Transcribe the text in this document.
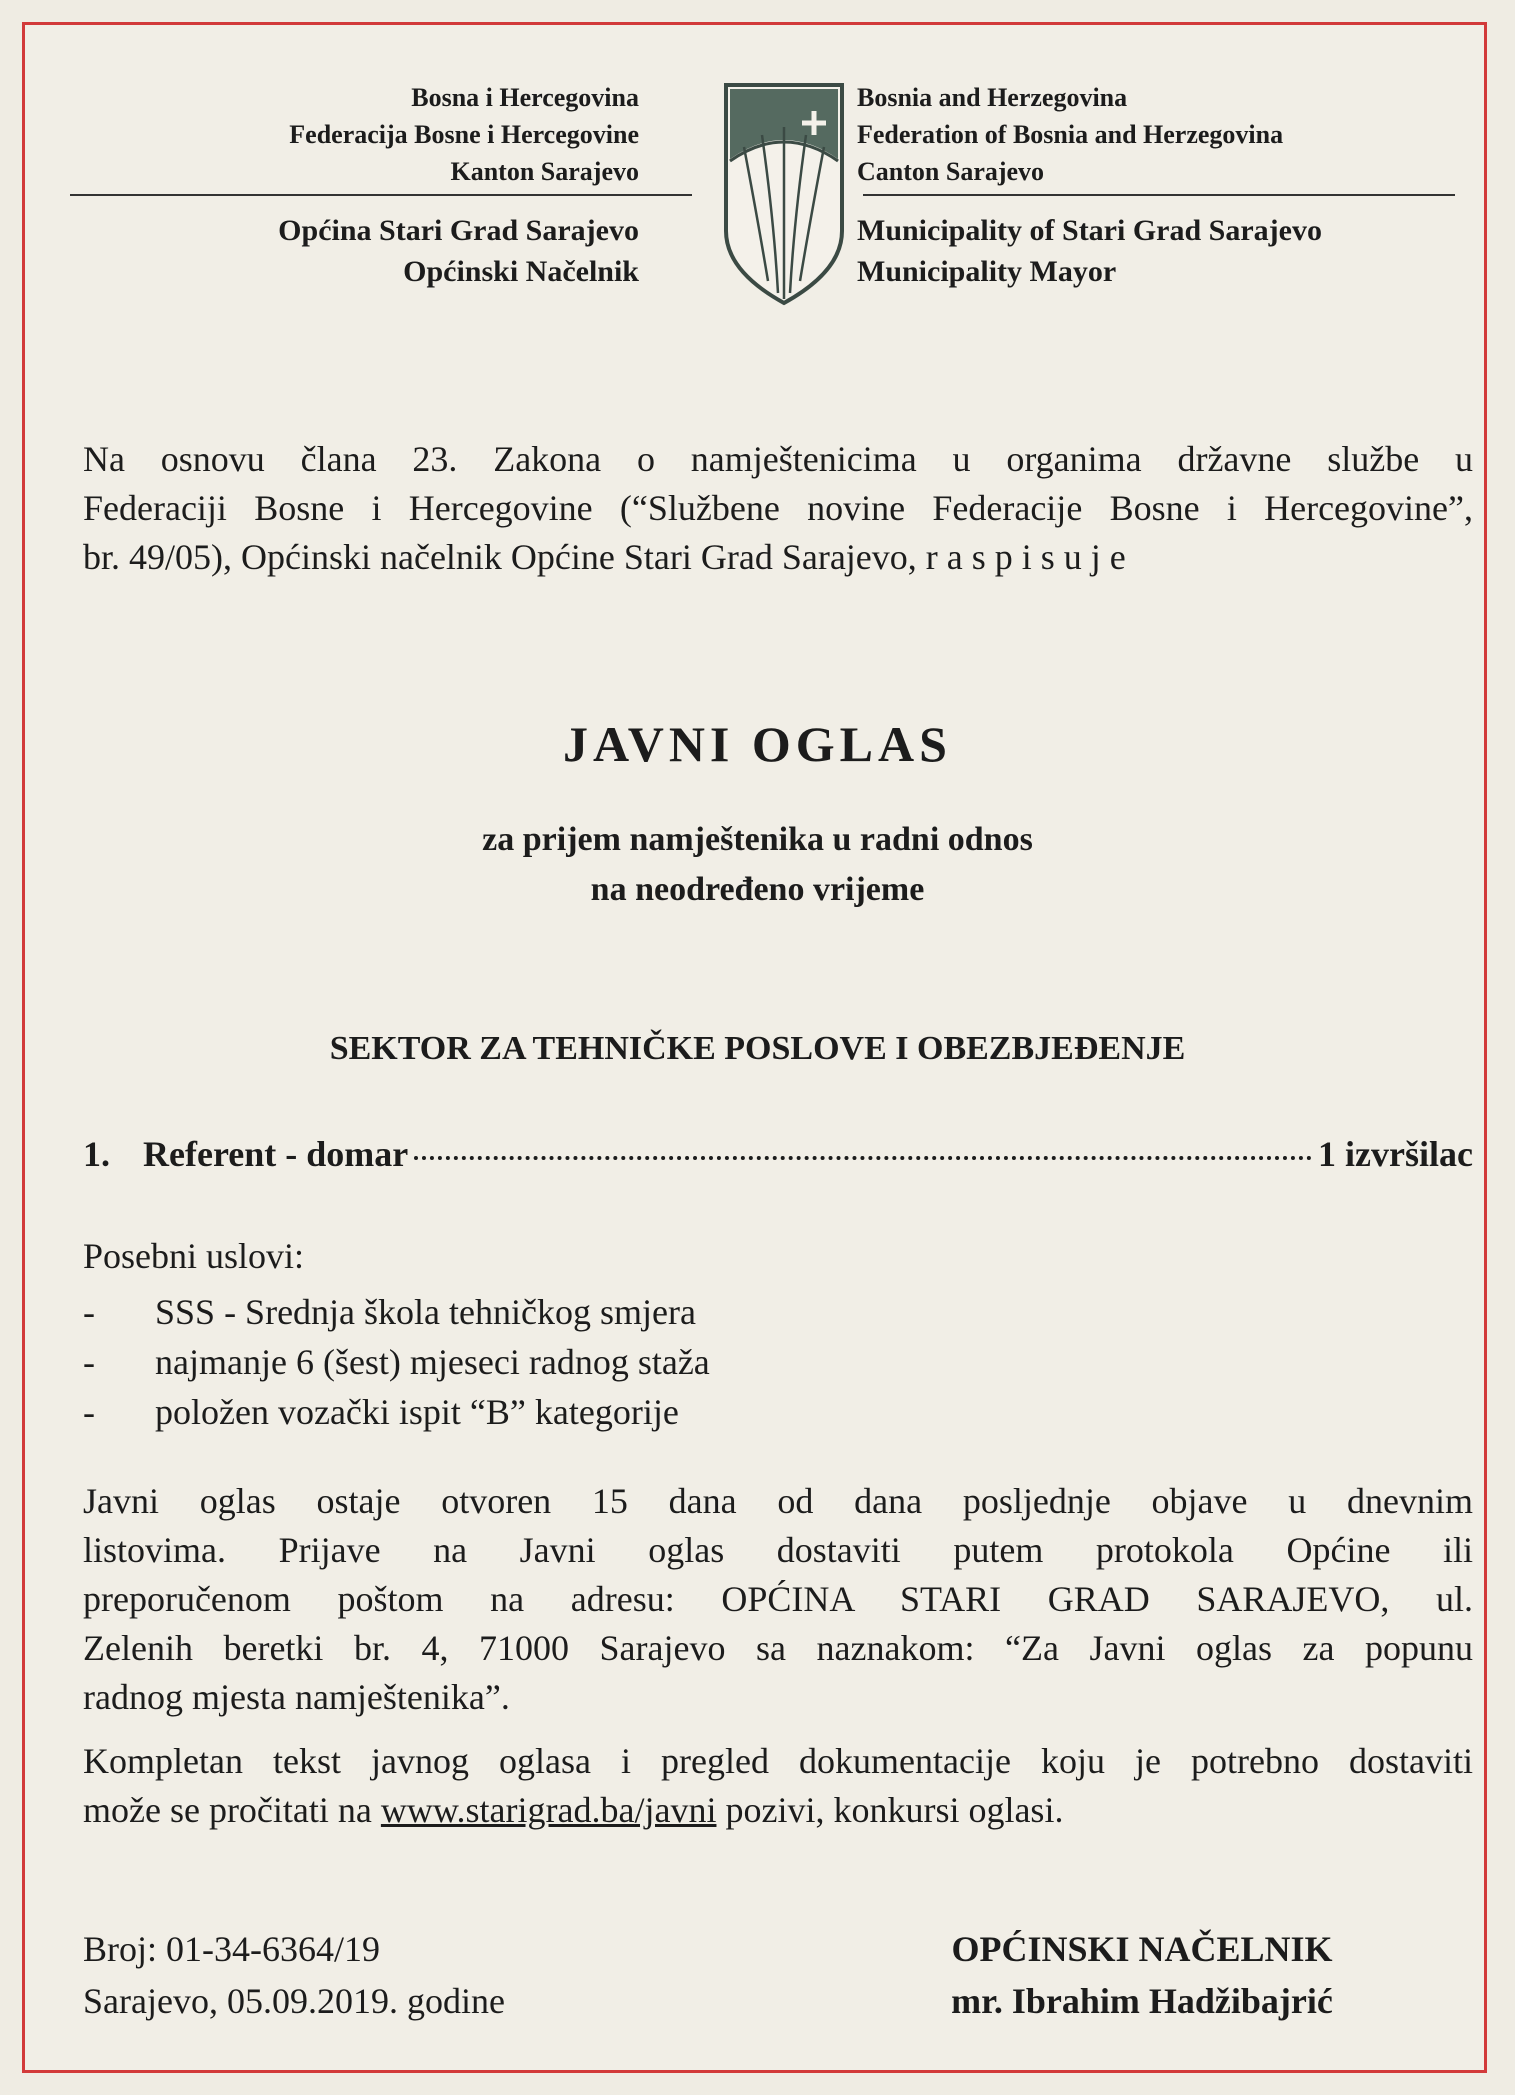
Bosna i Hercegovina
Federacija Bosne i Hercegovine
Kanton Sarajevo
Bosnia and Herzegovina
Federation of Bosnia and Herzegovina
Canton Sarajevo
Općina Stari Grad Sarajevo
Općinski Načelnik
Municipality of Stari Grad Sarajevo
Municipality Mayor
Na osnovu člana 23. Zakona o namještenicima u organima državne službe u
Federaciji Bosne i Hercegovine (“Službene novine Federacije Bosne i Hercegovine”,
br. 49/05), Općinski načelnik Općine Stari Grad Sarajevo, r a s p i s u j e
JAVNI OGLAS
za prijem namještenika u radni odnos
na neodređeno vrijeme
SEKTOR ZA TEHNIČKE POSLOVE I OBEZBJEĐENJE
1. Referent - domar	1 izvršilac
Posebni uslovi:
-	SSS - Srednja škola tehničkog smjera
-	najmanje 6 (šest) mjeseci radnog staža
-	položen vozački ispit “B” kategorije
Javni oglas ostaje otvoren 15 dana od dana posljednje objave u dnevnim
listovima. Prijave na Javni oglas dostaviti putem protokola Općine ili
preporučenom poštom na adresu: OPĆINA STARI GRAD SARAJEVO, ul.
Zelenih beretki br. 4, 71000 Sarajevo sa naznakom: “Za Javni oglas za popunu
radnog mjesta namještenika”.
Kompletan tekst javnog oglasa i pregled dokumentacije koju je potrebno dostaviti
može se pročitati na www.starigrad.ba/javni pozivi, konkursi oglasi.
Broj: 01-34-6364/19
Sarajevo, 05.09.2019. godine
OPĆINSKI NAČELNIK
mr. Ibrahim Hadžibajrić
